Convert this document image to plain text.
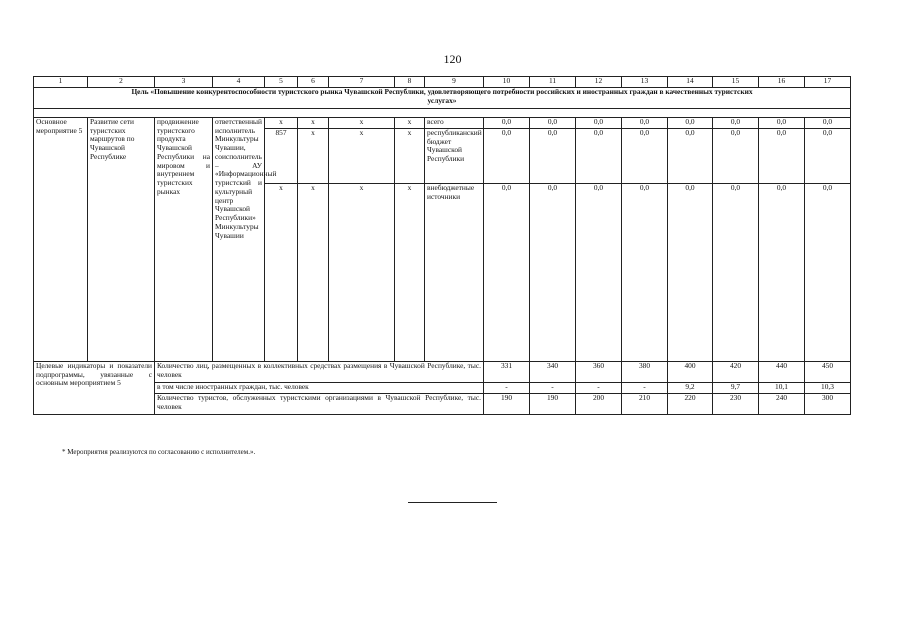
120
1	2	3	4	5	6	7	8	9	10	11	12	13	14	15	16	17
Цель «Повышение конкурентоспособности туристского рынка Чувашской Республики, удовлетворяющего потребности российских и иностранных граждан в качественных туристских услугах»																

Основное мероприятие 5	Развитие сети туристских маршрутов по Чувашской Республике	продвижение туристского продукта Чувашской Республики на мировом и внутреннем туристских рынках	ответственный исполнитель Минкультуры Чувашии, соисполнитель – АУ «Информационный туристский и культурный центр Чувашской Республики» Минкультуры Чувашии	x	x	x	x	всего	0,0	0,0	0,0	0,0	0,0	0,0	0,0	0,0
				857	x	x	x	республиканский бюджет Чувашской Республики	0,0	0,0	0,0	0,0	0,0	0,0	0,0	0,0
				x	x	x	x	внебюджетные источники	0,0	0,0	0,0	0,0	0,0	0,0	0,0	0,0
Целевые индикаторы и показатели подпрограммы, увязанные с основным мероприятием 5		Количество лиц, размещенных в коллективных средствах размещения в Чувашской Республике, тыс. человек							331	340	360	380	400	420	440	450
		в том числе иностранных граждан, тыс. человек							-	-	-	-	9,2	9,7	10,1	10,3
		Количество туристов, обслуженных туристскими организациями в Чувашской Республике, тыс. человек							190	190	200	210	220	230	240	300
* Мероприятия реализуются по согласованию с исполнителем.».
